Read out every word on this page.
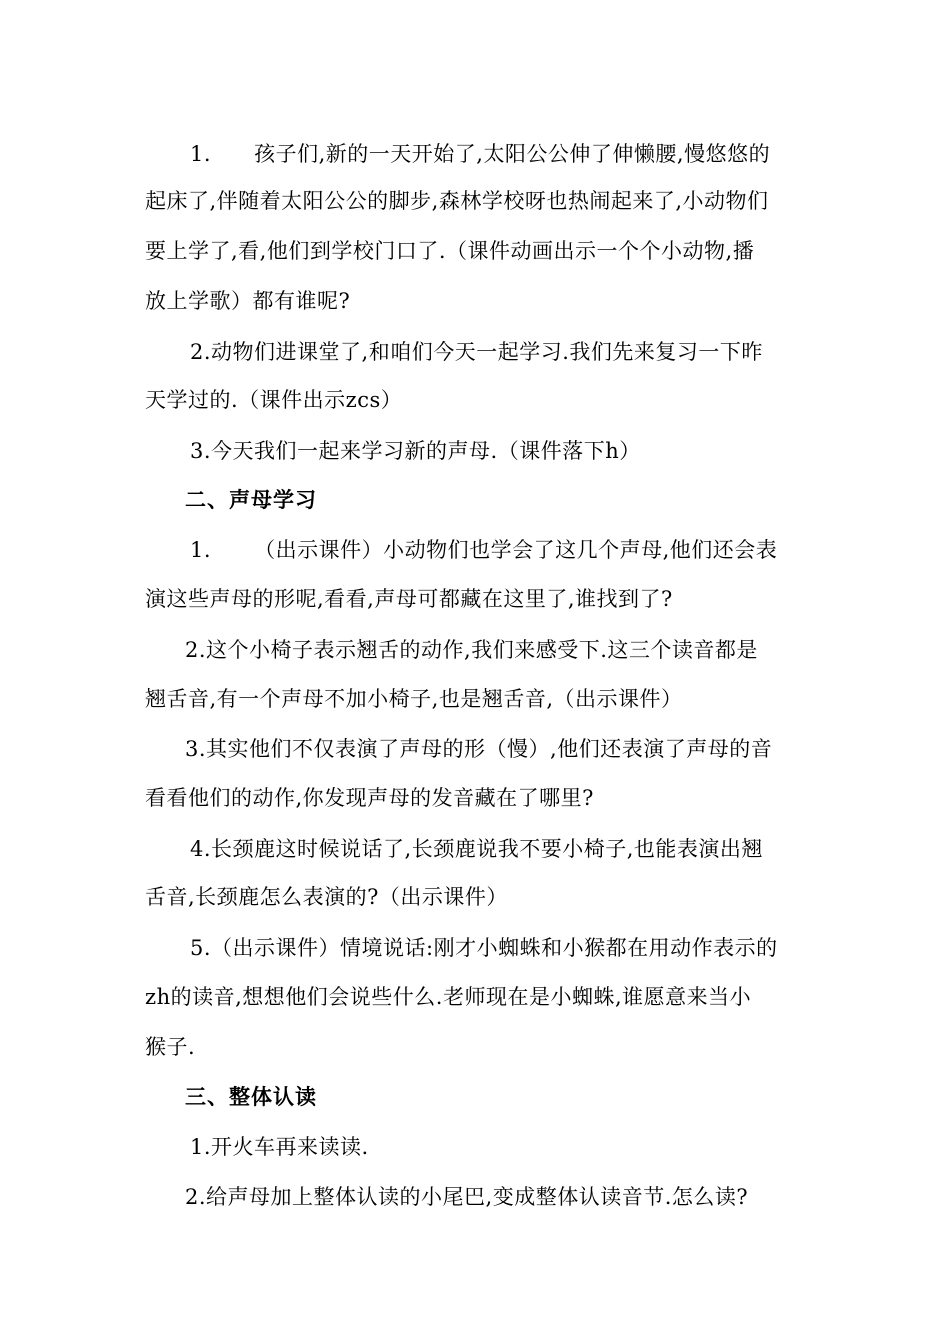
1.      孩子们,新的一天开始了,太阳公公伸了伸懒腰,慢悠悠的
起床了,伴随着太阳公公的脚步,森林学校呀也热闹起来了,小动物们
要上学了,看,他们到学校门口了.（课件动画出示一个个小动物,播
放上学歌）都有谁呢?
2.动物们进课堂了,和咱们今天一起学习.我们先来复习一下昨
天学过的.（课件出示zcs）
3.今天我们一起来学习新的声母.（课件落下h）
二、声母学习
1.      （出示课件）小动物们也学会了这几个声母,他们还会表
演这些声母的形呢,看看,声母可都藏在这里了,谁找到了?
2.这个小椅子表示翘舌的动作,我们来感受下.这三个读音都是
翘舌音,有一个声母不加小椅子,也是翘舌音,（出示课件）
3.其实他们不仅表演了声母的形（慢）,他们还表演了声母的音
看看他们的动作,你发现声母的发音藏在了哪里?
4.长颈鹿这时候说话了,长颈鹿说我不要小椅子,也能表演出翘
舌音,长颈鹿怎么表演的?（出示课件）
5.（出示课件）情境说话:刚才小蜘蛛和小猴都在用动作表示的
zh的读音,想想他们会说些什么.老师现在是小蜘蛛,谁愿意来当小
猴子.
三、整体认读
1.开火车再来读读.
2.给声母加上整体认读的小尾巴,变成整体认读音节.怎么读?
